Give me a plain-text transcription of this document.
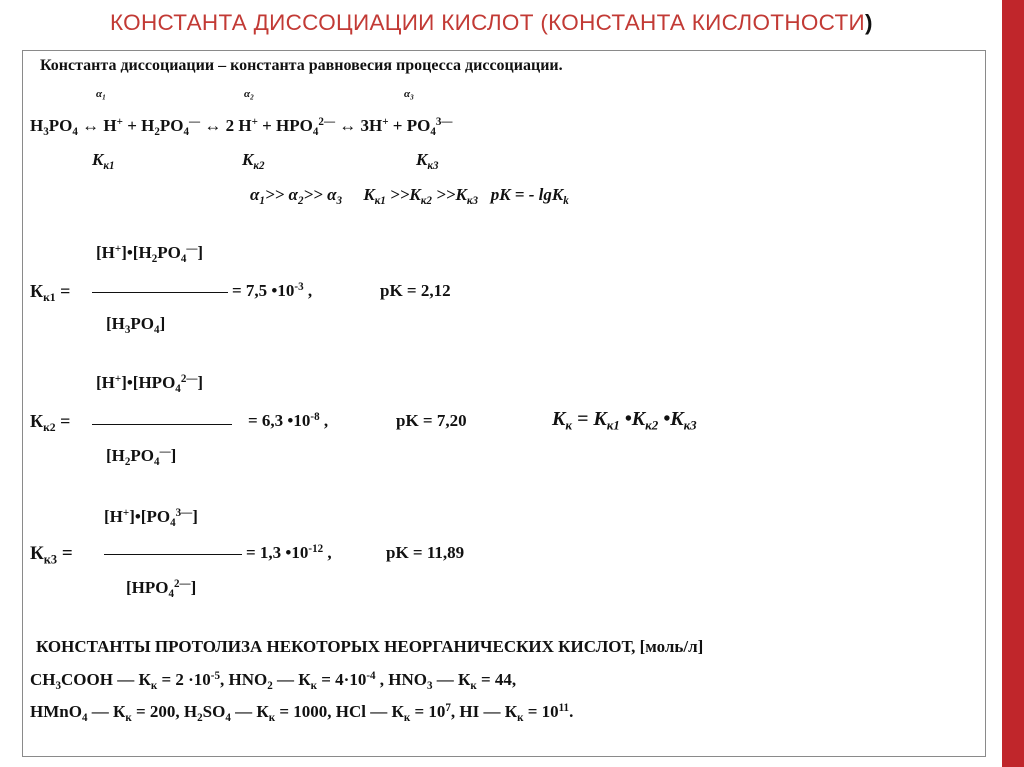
КОНСТАНТА ДИССОЦИАЦИИ КИСЛОТ (КОНСТАНТА КИСЛОТНОСТИ)
Константа диссоциации – константа равновесия процесса диссоциации.
$\alpha_1$	$\alpha_2$	$\alpha_3$
$H_3PO_4$ ↔ $H^+ + H_2PO_4^—$ ↔ 2 $H^+ + HPO_4^{2—}$ ↔ $3H^+ + PO_4^{3—}$
$K_{к1}$	$K_{к2}$	$K_{к3}$
$\alpha_1>> \alpha_2>> \alpha_3$ $K_{к1} >>K_{к2} >>K_{к3}$ pK = - lgK$_k$
$[H^+]•[H_2PO_4^—]$
$К_{к1}$ =	= 7,5 $•10^{-3}$ ,	pK = 2,12
$[H_3PO_4]$
$[H^+]•[HPO_4^{2—}]$
$К_{к2}$ =	= 6,3 $•10^{-8}$ ,	pK = 7,20	$K_к = K_{к1}$ $•K_{к2}$ $•K_{к3}$
$[H_2PO_4^—]$
$[H^+]•[PO_4^{3—}]$
$К_{к3}$ =	= 1,3 $•10^{-12}$ ,	pK = 11,89
$[HPO_4^{2—}]$
КОНСТАНТЫ ПРОТОЛИЗА НЕКОТОРЫХ НЕОРГАНИЧЕСКИХ КИСЛОТ, [моль/л]
$CH_3COOH$ — $К_к = 2 \cdot 10^{-5}$, $HNO_2$ — $К_к = 4\cdot 10^{-4}$ , $HNO_3$ — $К_к = 44$,
HMnO$_4$ — $К_к = 200$, $H_2SO_4$ — $К_к = 1000$, HCl — $К_к = 10^7$, HI — $К_к = 10^{11}$.
